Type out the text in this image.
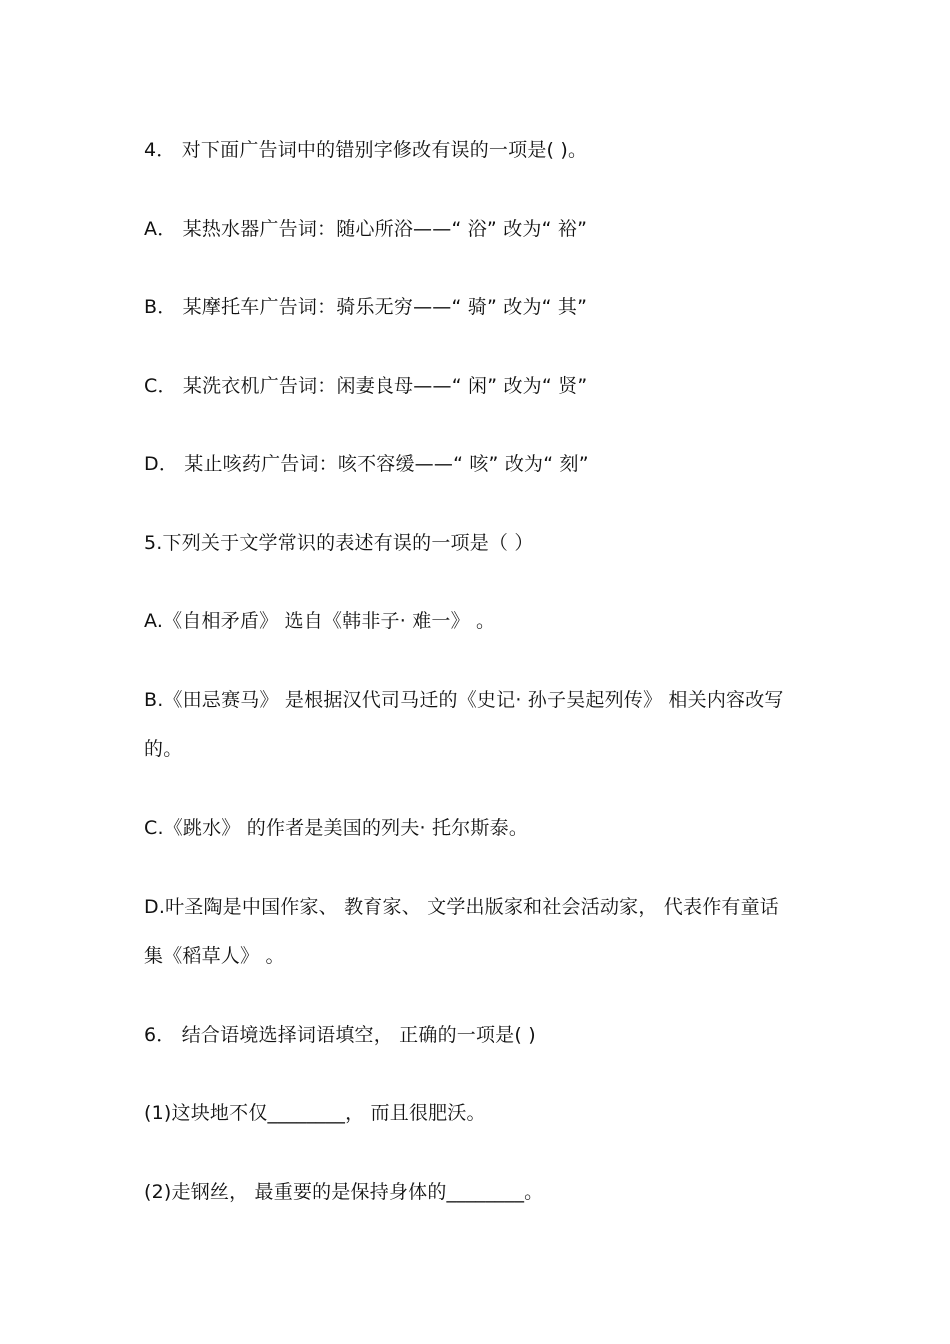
4． 对下面广告词中的错别字修改有误的一项是( )。
A． 某热水器广告词：随心所浴——“ 浴” 改为“ 裕”
B． 某摩托车广告词：骑乐无穷——“ 骑” 改为“ 其”
C． 某洗衣机广告词：闲妻良母——“ 闲” 改为“ 贤”
D． 某止咳药广告词：咳不容缓——“ 咳” 改为“ 刻”
5.下列关于文学常识的表述有误的一项是（ ）
A.《自相矛盾》 选自《韩非子· 难一》 。
B.《田忌赛马》 是根据汉代司马迁的《史记· 孙子吴起列传》 相关内容改写
的。
C.《跳水》 的作者是美国的列夫· 托尔斯泰。
D.叶圣陶是中国作家、 教育家、 文学出版家和社会活动家， 代表作有童话
集《稻草人》 。
6． 结合语境选择词语填空， 正确的一项是( )
(1)这块地不仅________， 而且很肥沃。
(2)走钢丝， 最重要的是保持身体的________。
